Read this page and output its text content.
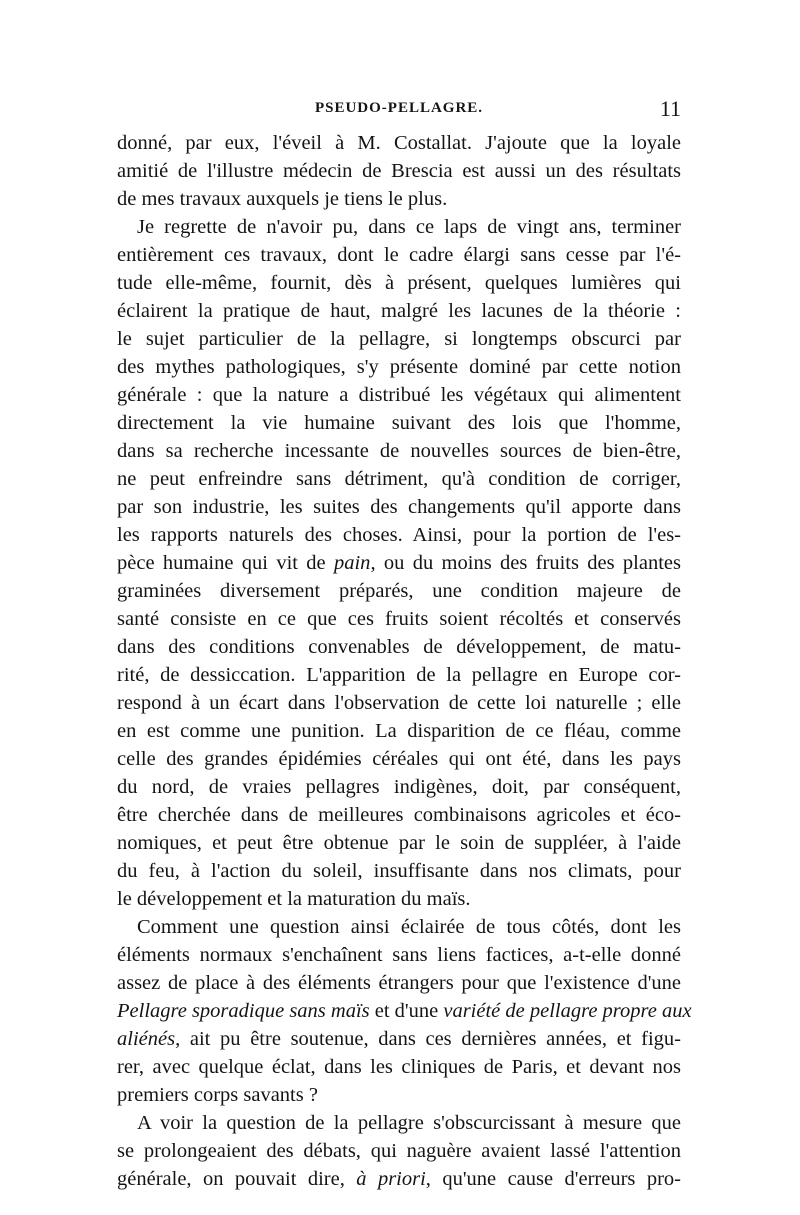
PSEUDO-PELLAGRE.	11
donné, par eux, l'éveil à M. Costallat. J'ajoute que la loyale
amitié de l'illustre médecin de Brescia est aussi un des résultats
de mes travaux auxquels je tiens le plus.
Je regrette de n'avoir pu, dans ce laps de vingt ans, terminer
entièrement ces travaux, dont le cadre élargi sans cesse par l'é-
tude elle-même, fournit, dès à présent, quelques lumières qui
éclairent la pratique de haut, malgré les lacunes de la théorie :
le sujet particulier de la pellagre, si longtemps obscurci par
des mythes pathologiques, s'y présente dominé par cette notion
générale : que la nature a distribué les végétaux qui alimentent
directement la vie humaine suivant des lois que l'homme,
dans sa recherche incessante de nouvelles sources de bien-être,
ne peut enfreindre sans détriment, qu'à condition de corriger,
par son industrie, les suites des changements qu'il apporte dans
les rapports naturels des choses. Ainsi, pour la portion de l'es-
pèce humaine qui vit de pain, ou du moins des fruits des plantes
graminées diversement préparés, une condition majeure de
santé consiste en ce que ces fruits soient récoltés et conservés
dans des conditions convenables de développement, de matu-
rité, de dessiccation. L'apparition de la pellagre en Europe cor-
respond à un écart dans l'observation de cette loi naturelle ; elle
en est comme une punition. La disparition de ce fléau, comme
celle des grandes épidémies céréales qui ont été, dans les pays
du nord, de vraies pellagres indigènes, doit, par conséquent,
être cherchée dans de meilleures combinaisons agricoles et éco-
nomiques, et peut être obtenue par le soin de suppléer, à l'aide
du feu, à l'action du soleil, insuffisante dans nos climats, pour
le développement et la maturation du maïs.
Comment une question ainsi éclairée de tous côtés, dont les
éléments normaux s'enchaînent sans liens factices, a-t-elle donné
assez de place à des éléments étrangers pour que l'existence d'une
Pellagre sporadique sans maïs et d'une variété de pellagre propre aux
aliénés, ait pu être soutenue, dans ces dernières années, et figu-
rer, avec quelque éclat, dans les cliniques de Paris, et devant nos
premiers corps savants ?
A voir la question de la pellagre s'obscurcissant à mesure que
se prolongeaient des débats, qui naguère avaient lassé l'attention
générale, on pouvait dire, à priori, qu'une cause d'erreurs pro-
